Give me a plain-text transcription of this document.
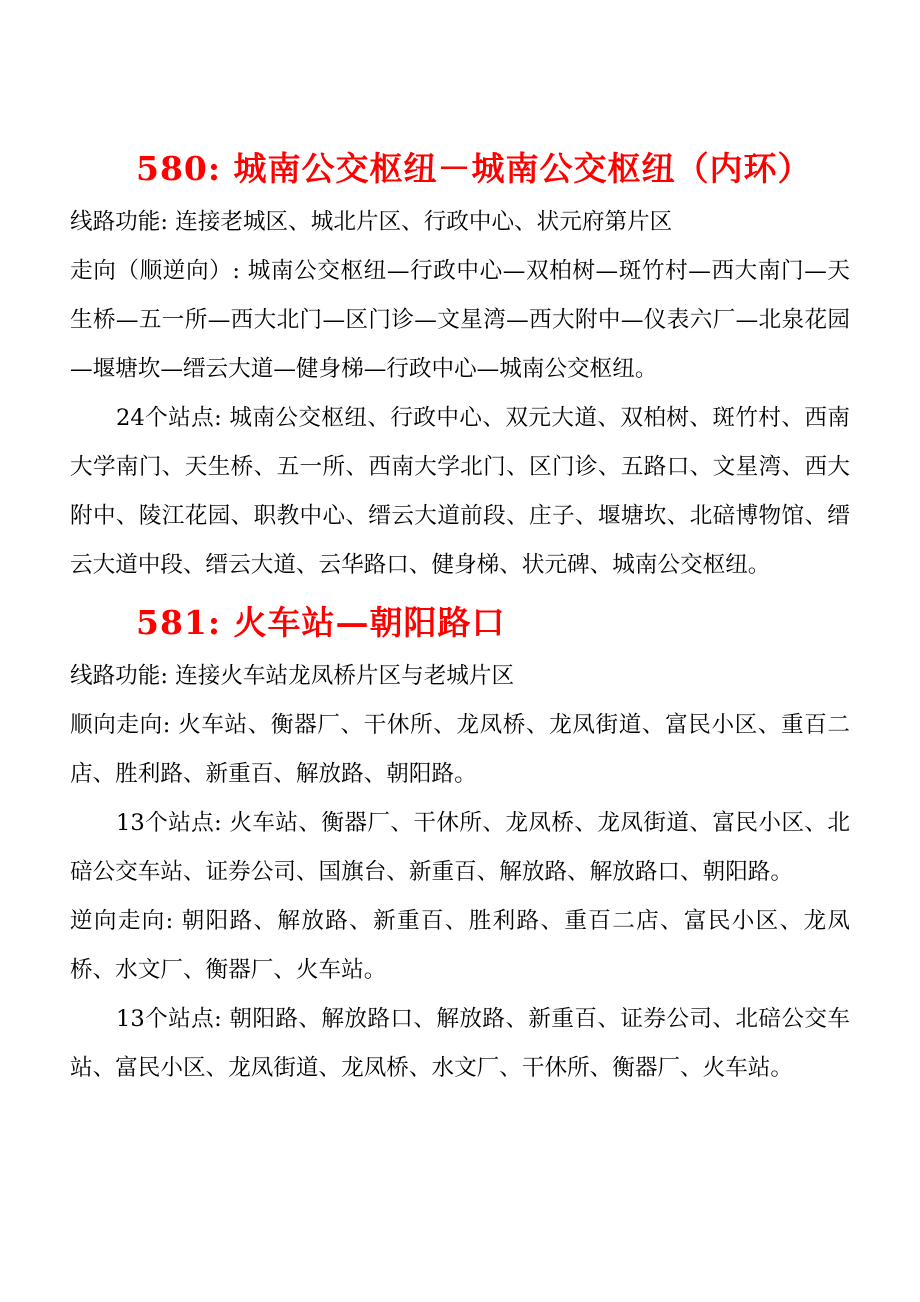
580: 城南公交枢纽－城南公交枢纽（内环）

线路功能: 连接老城区、城北片区、行政中心、状元府第片区

走向（顺逆向）: 城南公交枢纽—行政中心—双柏树—斑竹村—西大南门—天生桥—五一所—西大北门—区门诊—文星湾—西大附中—仪表六厂—北泉花园—堰塘坎—缙云大道—健身梯—行政中心—城南公交枢纽。

24个站点: 城南公交枢纽、行政中心、双元大道、双柏树、斑竹村、西南大学南门、天生桥、五一所、西南大学北门、区门诊、五路口、文星湾、西大附中、陵江花园、职教中心、缙云大道前段、庄子、堰塘坎、北碚博物馆、缙云大道中段、缙云大道、云华路口、健身梯、状元碑、城南公交枢纽。

581: 火车站—朝阳路口

线路功能: 连接火车站龙凤桥片区与老城片区

顺向走向: 火车站、衡器厂、干休所、龙凤桥、龙凤街道、富民小区、重百二店、胜利路、新重百、解放路、朝阳路。

13个站点: 火车站、衡器厂、干休所、龙凤桥、龙凤街道、富民小区、北碚公交车站、证券公司、国旗台、新重百、解放路、解放路口、朝阳路。

逆向走向: 朝阳路、解放路、新重百、胜利路、重百二店、富民小区、龙凤桥、水文厂、衡器厂、火车站。

13个站点: 朝阳路、解放路口、解放路、新重百、证券公司、北碚公交车站、富民小区、龙凤街道、龙凤桥、水文厂、干休所、衡器厂、火车站。
